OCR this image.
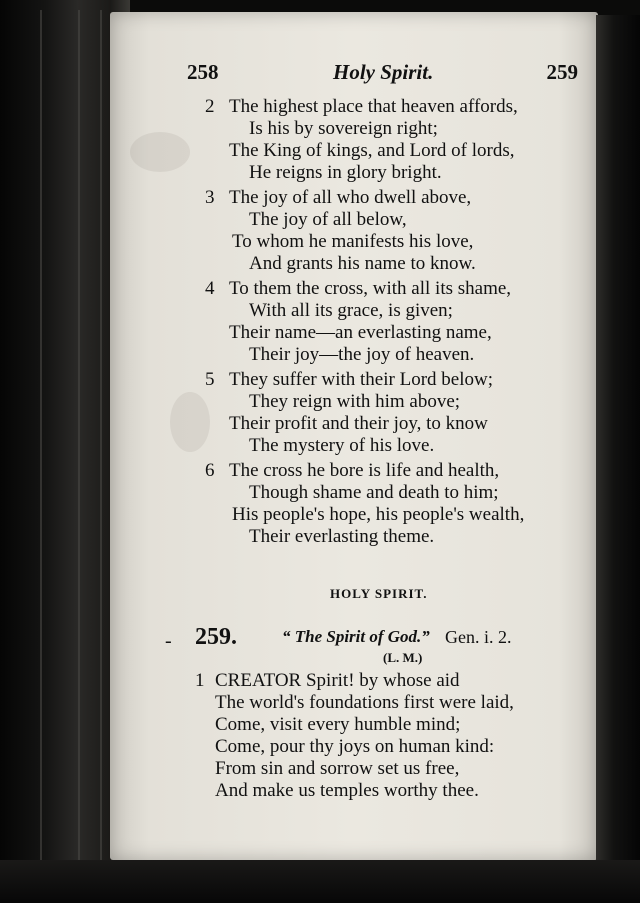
258	Holy Spirit.	259
2 The highest place that heaven affords,
Is his by sovereign right;
The King of kings, and Lord of lords,
He reigns in glory bright.
3 The joy of all who dwell above,
The joy of all below,
To whom he manifests his love,
And grants his name to know.
4 To them the cross, with all its shame,
With all its grace, is given;
Their name—an everlasting name,
Their joy—the joy of heaven.
5 They suffer with their Lord below;
They reign with him above;
Their profit and their joy, to know
The mystery of his love.
6 The cross he bore is life and health,
Though shame and death to him;
His people's hope, his people's wealth,
Their everlasting theme.
HOLY SPIRIT.
- 259.	“ The Spirit of God.” Gen. i. 2.
(L. M.)
1 CREATOR Spirit! by whose aid
The world's foundations first were laid,
Come, visit every humble mind;
Come, pour thy joys on human kind:
From sin and sorrow set us free,
And make us temples worthy thee.
